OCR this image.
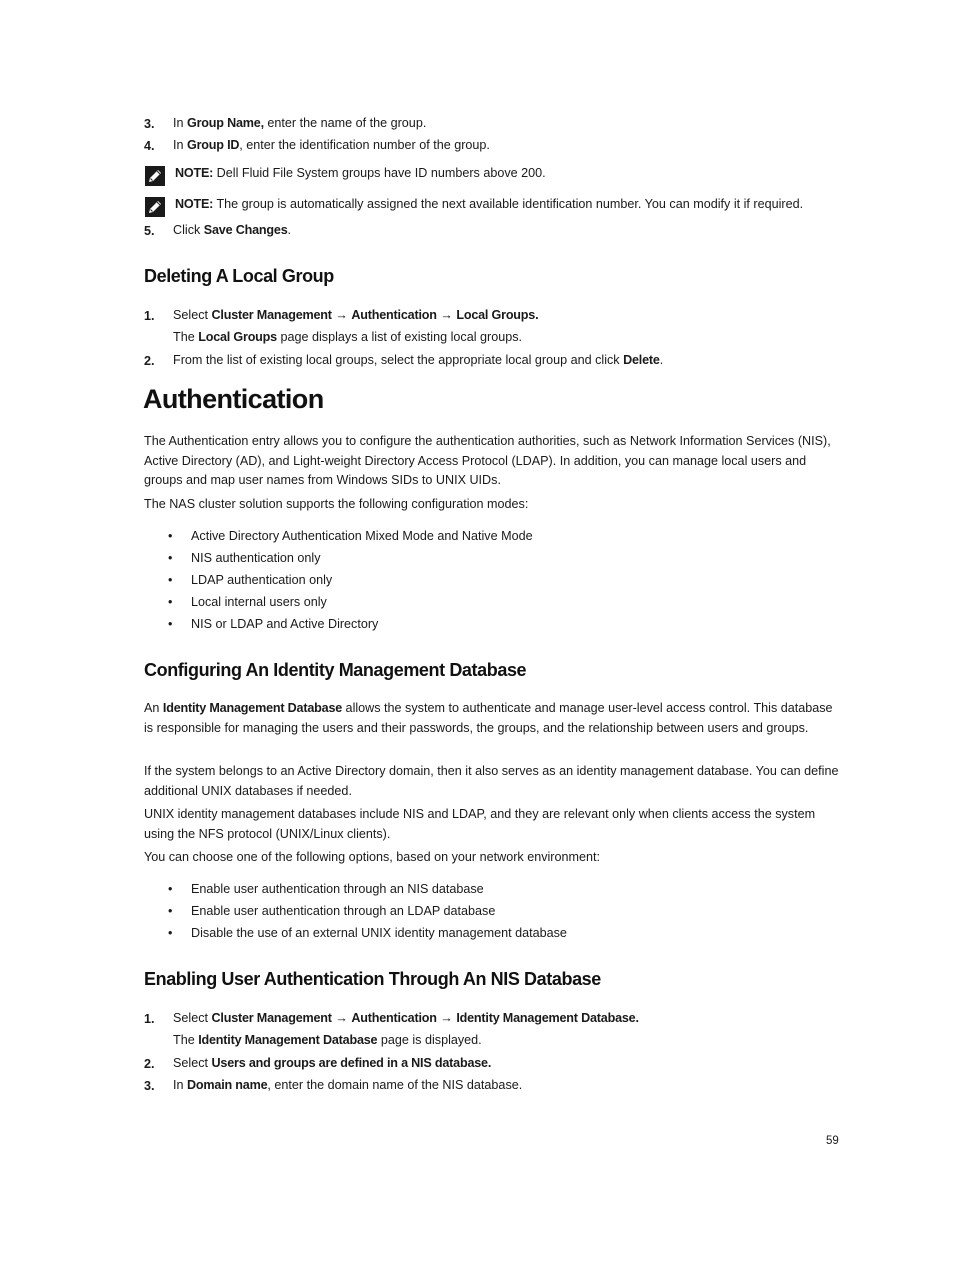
3. In Group Name, enter the name of the group.
4. In Group ID, enter the identification number of the group.
NOTE: Dell Fluid File System groups have ID numbers above 200.
NOTE: The group is automatically assigned the next available identification number. You can modify it if required.
5. Click Save Changes.
Deleting A Local Group
1. Select Cluster Management → Authentication → Local Groups.
The Local Groups page displays a list of existing local groups.
2. From the list of existing local groups, select the appropriate local group and click Delete.
Authentication
The Authentication entry allows you to configure the authentication authorities, such as Network Information Services (NIS), Active Directory (AD), and Light-weight Directory Access Protocol (LDAP). In addition, you can manage local users and groups and map user names from Windows SIDs to UNIX UIDs.
The NAS cluster solution supports the following configuration modes:
• Active Directory Authentication Mixed Mode and Native Mode
• NIS authentication only
• LDAP authentication only
• Local internal users only
• NIS or LDAP and Active Directory
Configuring An Identity Management Database
An Identity Management Database allows the system to authenticate and manage user-level access control. This database is responsible for managing the users and their passwords, the groups, and the relationship between users and groups.
If the system belongs to an Active Directory domain, then it also serves as an identity management database. You can define additional UNIX databases if needed.
UNIX identity management databases include NIS and LDAP, and they are relevant only when clients access the system using the NFS protocol (UNIX/Linux clients).
You can choose one of the following options, based on your network environment:
• Enable user authentication through an NIS database
• Enable user authentication through an LDAP database
• Disable the use of an external UNIX identity management database
Enabling User Authentication Through An NIS Database
1. Select Cluster Management → Authentication → Identity Management Database.
The Identity Management Database page is displayed.
2. Select Users and groups are defined in a NIS database.
3. In Domain name, enter the domain name of the NIS database.
59
